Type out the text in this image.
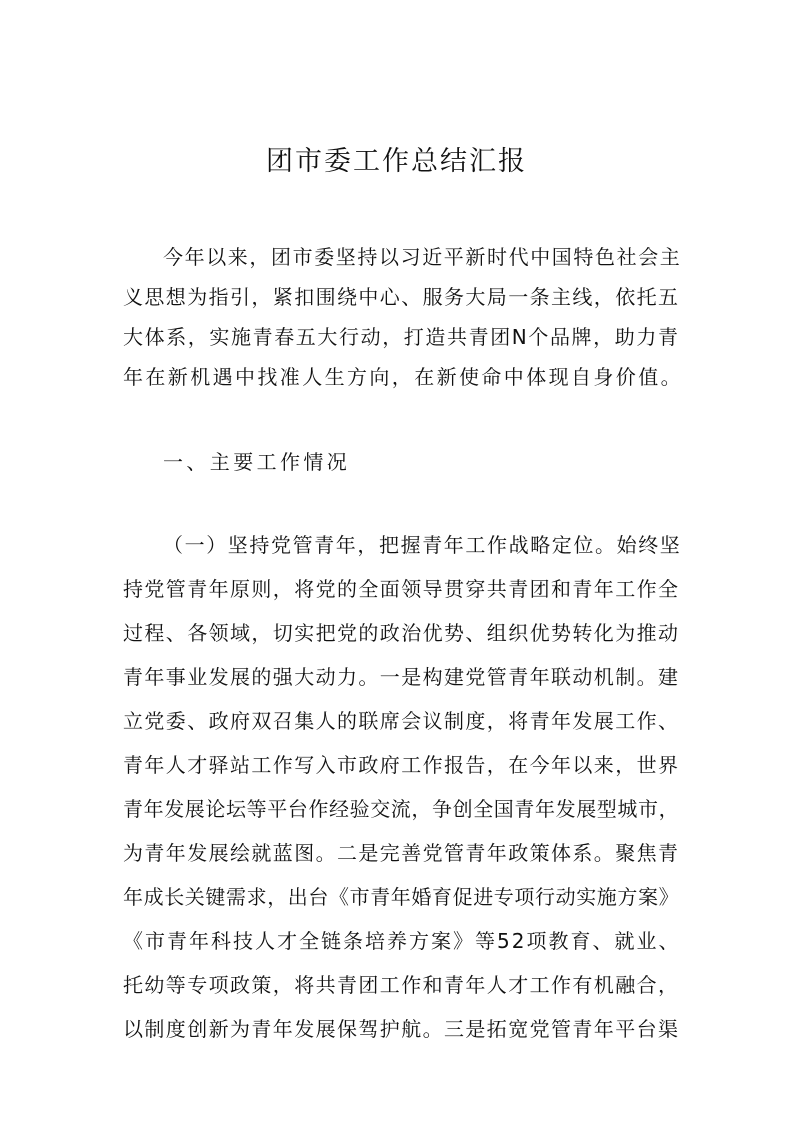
团市委工作总结汇报
今年以来，团市委坚持以习近平新时代中国特色社会主
义思想为指引，紧扣围绕中心、服务大局一条主线，依托五
大体系，实施青春五大行动，打造共青团N个品牌，助力青
年在新机遇中找准人生方向，在新使命中体现自身价值。
一、主要工作情况
（一）坚持党管青年，把握青年工作战略定位。始终坚
持党管青年原则，将党的全面领导贯穿共青团和青年工作全
过程、各领域，切实把党的政治优势、组织优势转化为推动
青年事业发展的强大动力。一是构建党管青年联动机制。建
立党委、政府双召集人的联席会议制度，将青年发展工作、
青年人才驿站工作写入市政府工作报告，在今年以来，世界
青年发展论坛等平台作经验交流，争创全国青年发展型城市，
为青年发展绘就蓝图。二是完善党管青年政策体系。聚焦青
年成长关键需求，出台《市青年婚育促进专项行动实施方案》
《市青年科技人才全链条培养方案》等52项教育、就业、
托幼等专项政策，将共青团工作和青年人才工作有机融合，
以制度创新为青年发展保驾护航。三是拓宽党管青年平台渠
